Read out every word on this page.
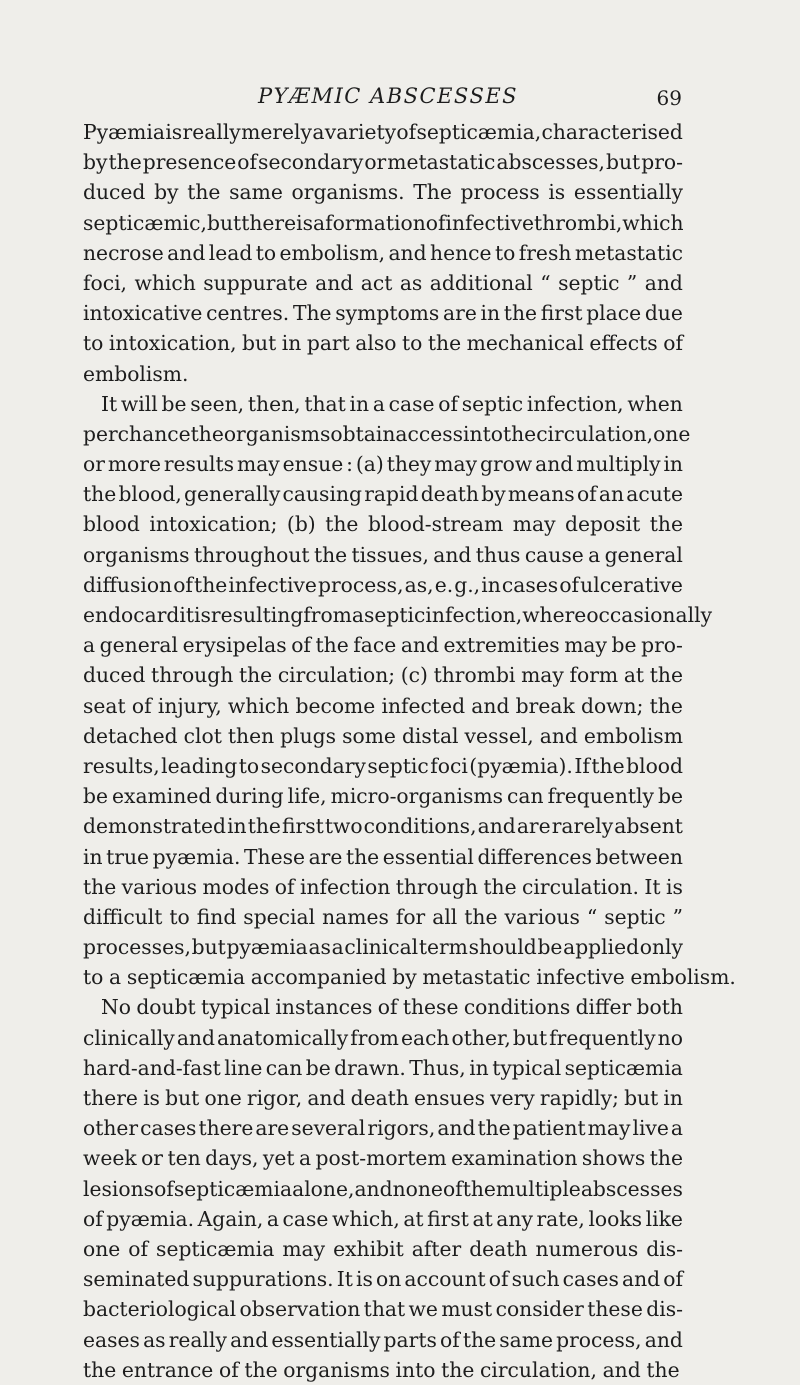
PYÆMIC ABSCESSES	69
Pyæmia is really merely a variety of septicæmia, characterised
by the presence of secondary or metastatic abscesses, but pro-
duced by the same organisms. The process is essentially
septicæmic, but there is a formation of infective thrombi, which
necrose and lead to embolism, and hence to fresh metastatic
foci, which suppurate and act as additional “ septic ” and
intoxicative centres. The symptoms are in the first place due
to intoxication, but in part also to the mechanical effects of
embolism.
It will be seen, then, that in a case of septic infection, when
perchance the organisms obtain access into the circulation, one
or more results may ensue : (a) they may grow and multiply in
the blood, generally causing rapid death by means of an acute
blood intoxication; (b) the blood-stream may deposit the
organisms throughout the tissues, and thus cause a general
diffusion of the infective process, as, e. g., in cases of ulcerative
endocarditis resulting from a septic infection, where occasionally
a general erysipelas of the face and extremities may be pro-
duced through the circulation; (c) thrombi may form at the
seat of injury, which become infected and break down; the
detached clot then plugs some distal vessel, and embolism
results, leading to secondary septic foci (pyæmia). If the blood
be examined during life, micro-organisms can frequently be
demonstrated in the first two conditions, and are rarely absent
in true pyæmia. These are the essential differences between
the various modes of infection through the circulation. It is
difficult to find special names for all the various “ septic ”
processes, but pyæmia as a clinical term should be applied only
to a septicæmia accompanied by metastatic infective embolism.
No doubt typical instances of these conditions differ both
clinically and anatomically from each other, but frequently no
hard-and-fast line can be drawn. Thus, in typical septicæmia
there is but one rigor, and death ensues very rapidly; but in
other cases there are several rigors, and the patient may live a
week or ten days, yet a post-mortem examination shows the
lesions of septicæmia alone, and none of the multiple abscesses
of pyæmia. Again, a case which, at first at any rate, looks like
one of septicæmia may exhibit after death numerous dis-
seminated suppurations. It is on account of such cases and of
bacteriological observation that we must consider these dis-
eases as really and essentially parts of the same process, and
the entrance of the organisms into the circulation, and the
